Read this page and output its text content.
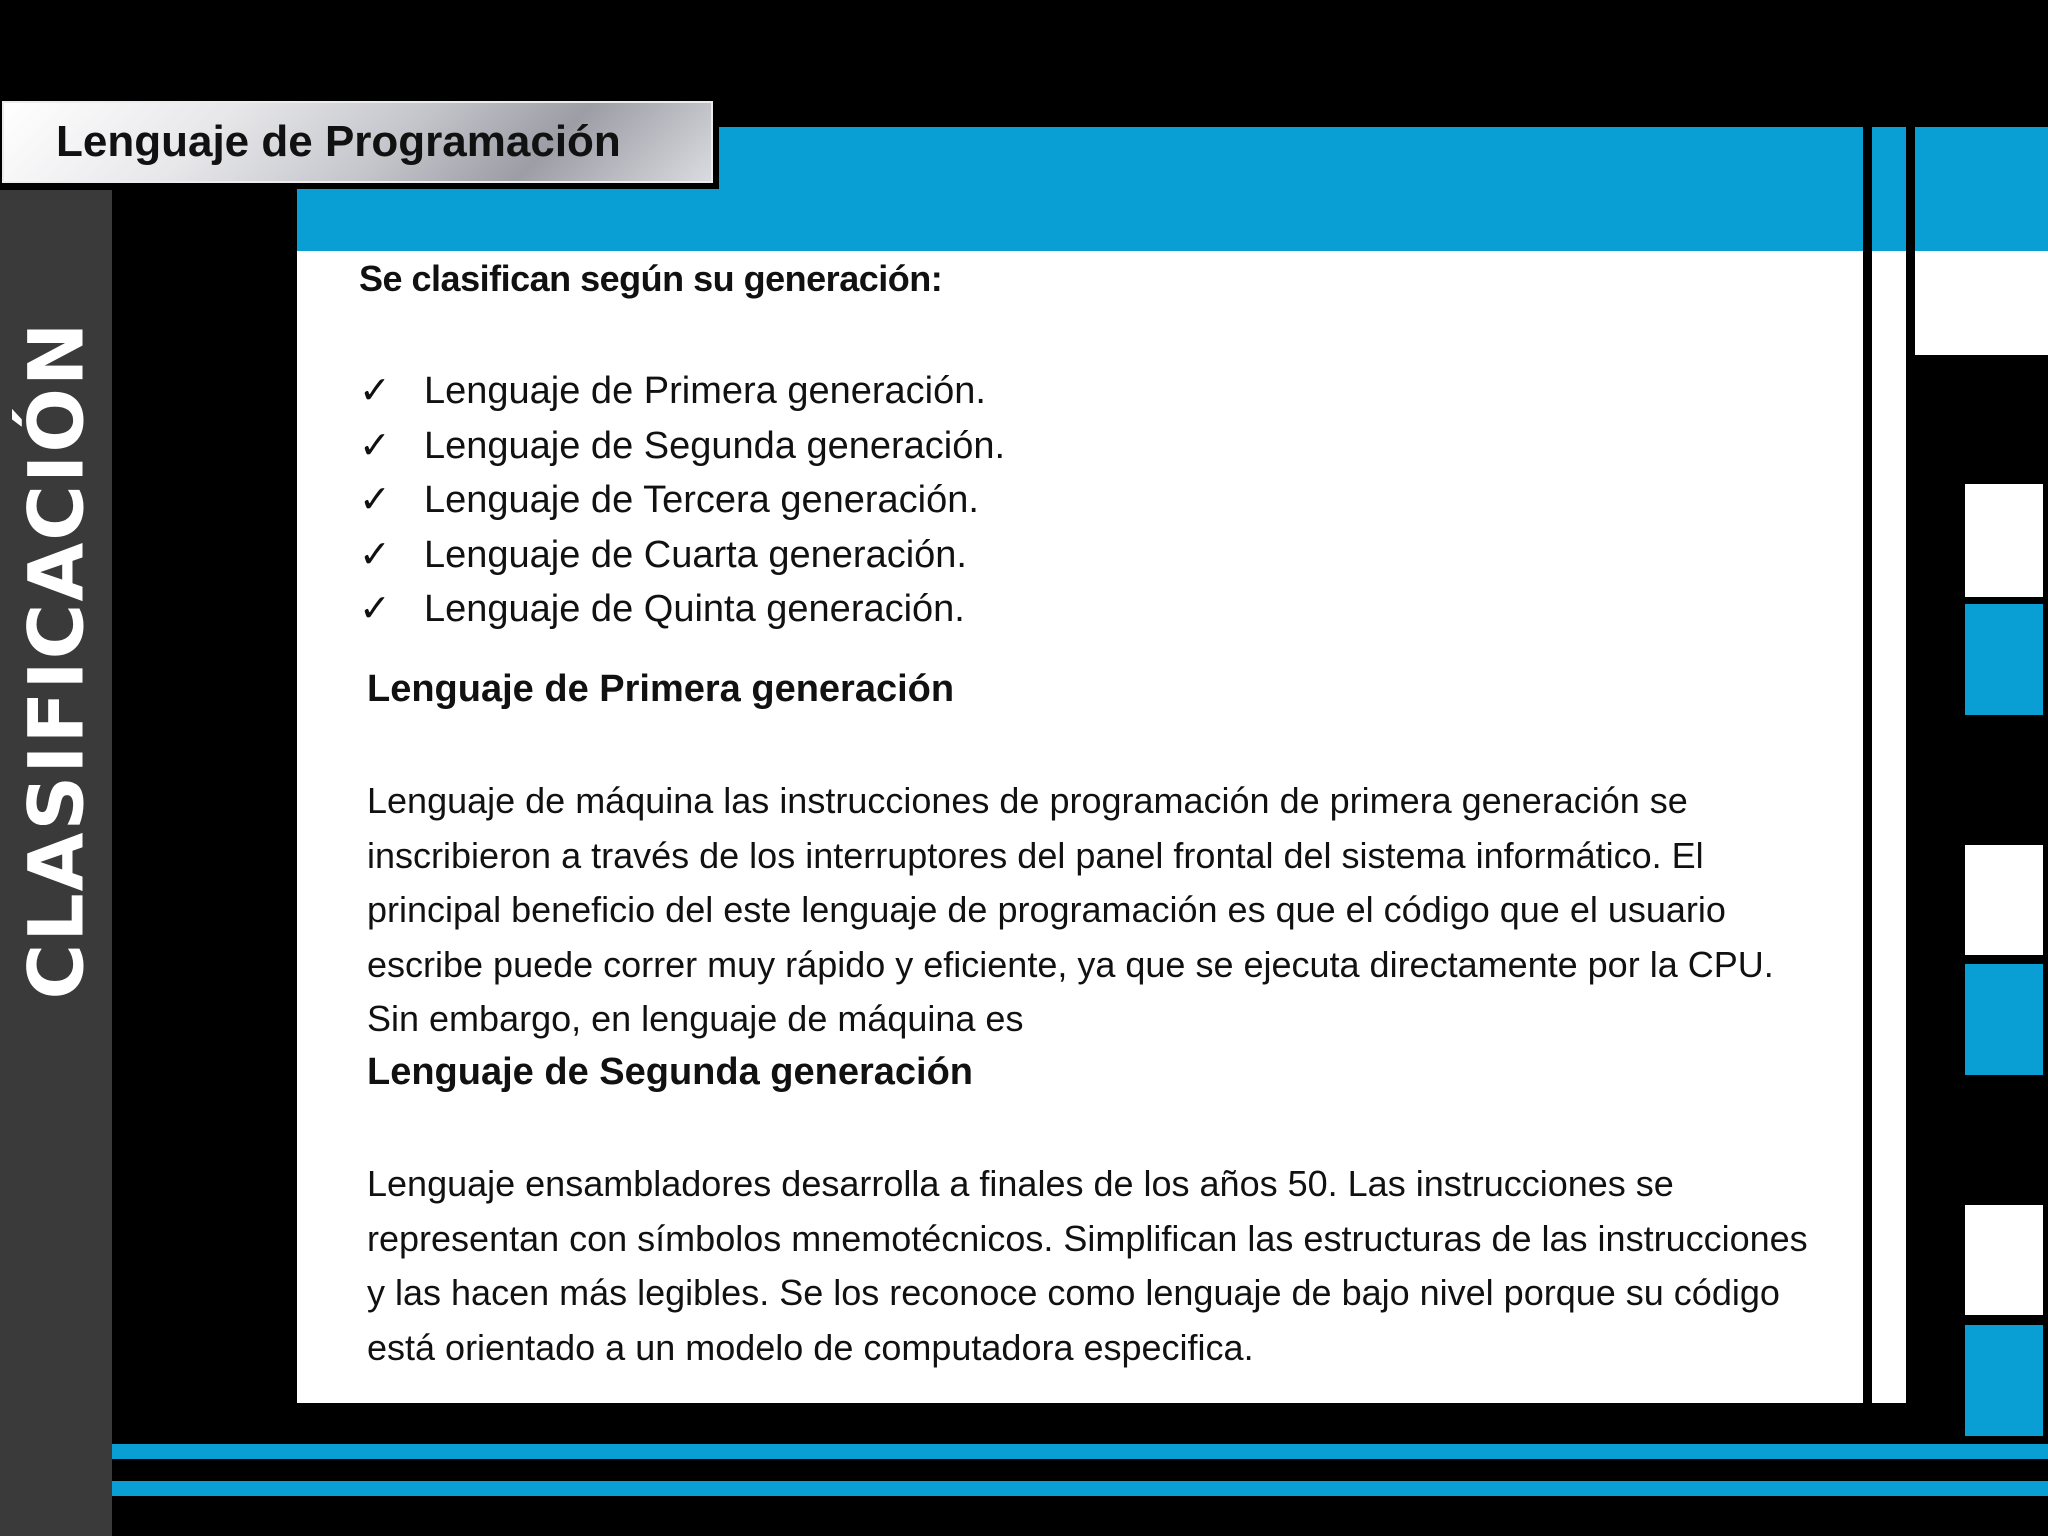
CLASIFICACIÓN
Lenguaje de Programación
Se clasifican según su generación:
✓ Lenguaje de Primera generación.
✓ Lenguaje de Segunda generación.
✓ Lenguaje de Tercera generación.
✓ Lenguaje de Cuarta generación.
✓ Lenguaje de Quinta generación.
Lenguaje de Primera generación
Lenguaje de máquina las instrucciones de programación de primera generación se inscribieron a través de los interruptores del panel frontal del sistema informático. El principal beneficio del este lenguaje de programación es que el código que el usuario escribe puede correr muy rápido y eficiente, ya que se ejecuta directamente por la CPU. Sin embargo, en lenguaje de máquina es
Lenguaje de Segunda generación
Lenguaje ensambladores desarrolla a finales de los años 50. Las instrucciones se representan con símbolos mnemotécnicos. Simplifican las estructuras de las instrucciones y las hacen más legibles. Se los reconoce como lenguaje de bajo nivel porque su código está orientado a un modelo de computadora especifica.
